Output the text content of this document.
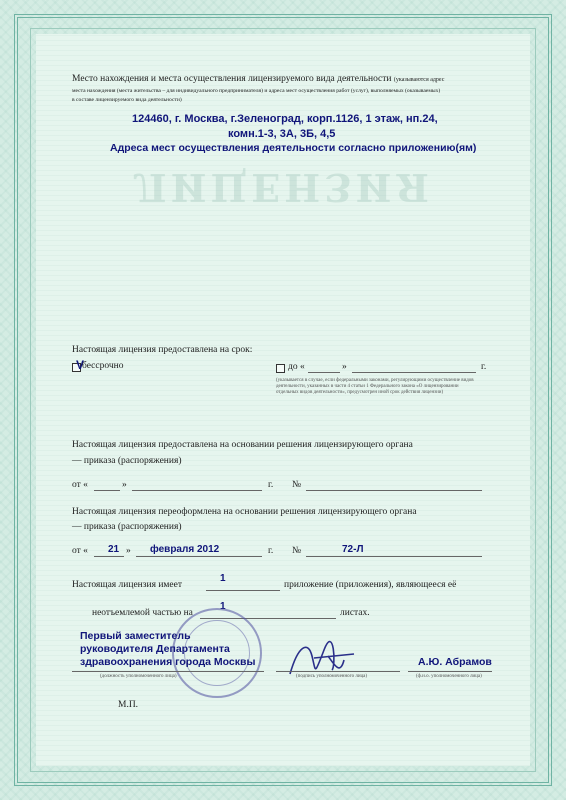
ЛИЦЕНЗИЯ
Место нахождения и места осуществления лицензируемого вида деятельности (указываются адрес
места нахождения (места жительства – для индивидуального предпринимателя) и адреса мест осуществления работ (услуг), выполняемых (оказываемых)
в составе лицензируемого вида деятельности)
124460, г. Москва, г.Зеленоград, корп.1126, 1 этаж, нп.24,
комн.1-3, 3А, 3Б, 4,5
Адреса мест осуществления деятельности согласно приложению(ям)
Настоящая лицензия предоставлена на срок:
V
бессрочно	до «	»	г.
(указывается в случае, если федеральными законами, регулирующими осуществление видов деятельности, указанных в части 4 статьи 1 Федерального закона «О лицензировании отдельных видов деятельности», предусмотрен иной срок действия лицензии)
Настоящая лицензия предоставлена на основании решения лицензирующего органа
— приказа (распоряжения)
от «	»	г. №
Настоящая лицензия переоформлена на основании решения лицензирующего органа
— приказа (распоряжения)
от « 21 » февраля 2012	г. №	72-Л
Настоящая лицензия имеет
1
приложение (приложения), являющееся её
неотъемлемой частью на
1
листах.
Первый заместитель
руководителя Департамента
здравоохранения города Москвы
(должность уполномоченного лица)	(подпись уполномоченного лица)
А.Ю. Абрамов
(ф.и.о. уполномоченного лица)
М.П.
